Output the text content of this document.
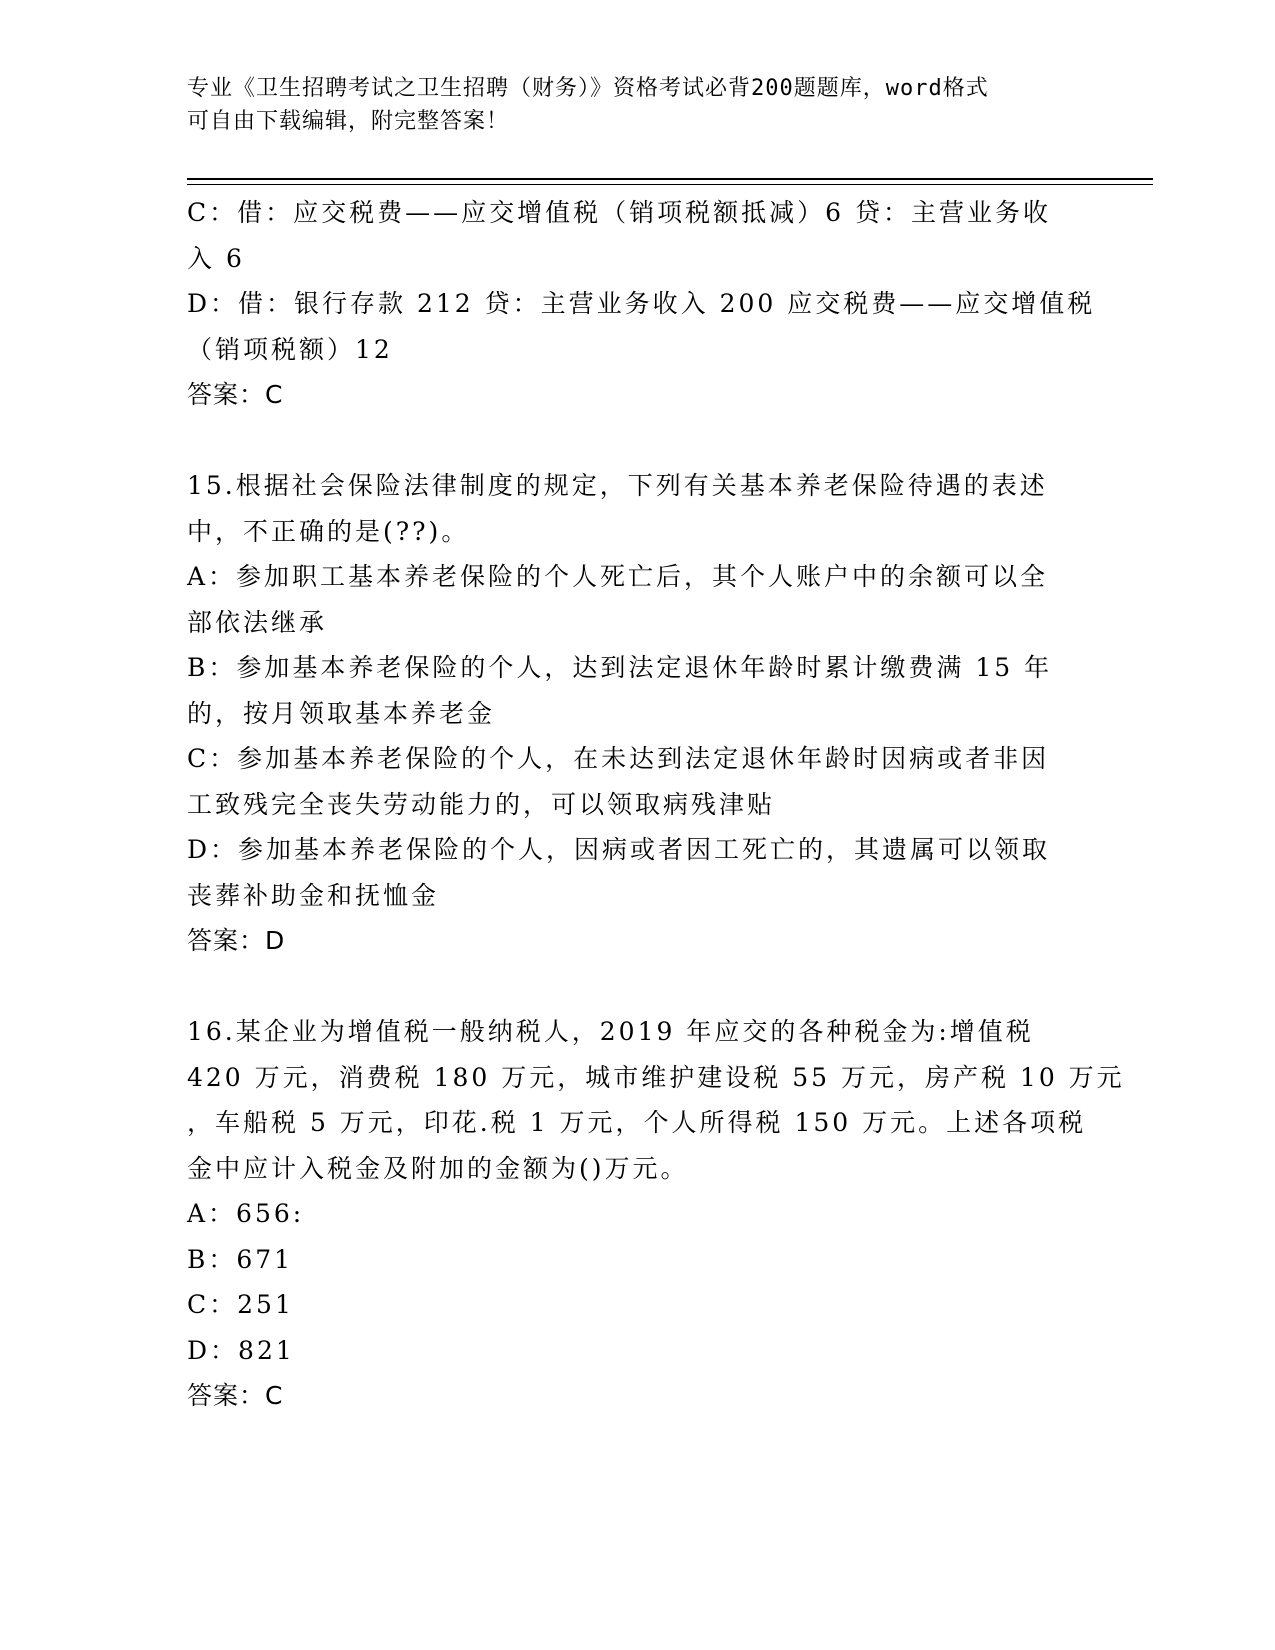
专业《卫生招聘考试之卫生招聘（财务）》资格考试必背200题题库，word格式
可自由下载编辑，附完整答案！
C：借：应交税费——应交增值税（销项税额抵减）6 贷：主营业务收
入 6
D：借：银行存款 212 贷：主营业务收入 200 应交税费——应交增值税
（销项税额）12
答案：C
15.根据社会保险法律制度的规定，下列有关基本养老保险待遇的表述
中，不正确的是(??)。
A：参加职工基本养老保险的个人死亡后，其个人账户中的余额可以全
部依法继承
B：参加基本养老保险的个人，达到法定退休年龄时累计缴费满 15 年
的，按月领取基本养老金
C：参加基本养老保险的个人，在未达到法定退休年龄时因病或者非因
工致残完全丧失劳动能力的，可以领取病残津贴
D：参加基本养老保险的个人，因病或者因工死亡的，其遗属可以领取
丧葬补助金和抚恤金
答案：D
16.某企业为增值税一般纳税人，2019 年应交的各种税金为:增值税
420 万元，消费税 180 万元，城市维护建设税 55 万元，房产税 10 万元
，车船税 5 万元，印花.税 1 万元，个人所得税 150 万元。上述各项税
金中应计入税金及附加的金额为()万元。
A：656:
B：671
C：251
D：821
答案：C
